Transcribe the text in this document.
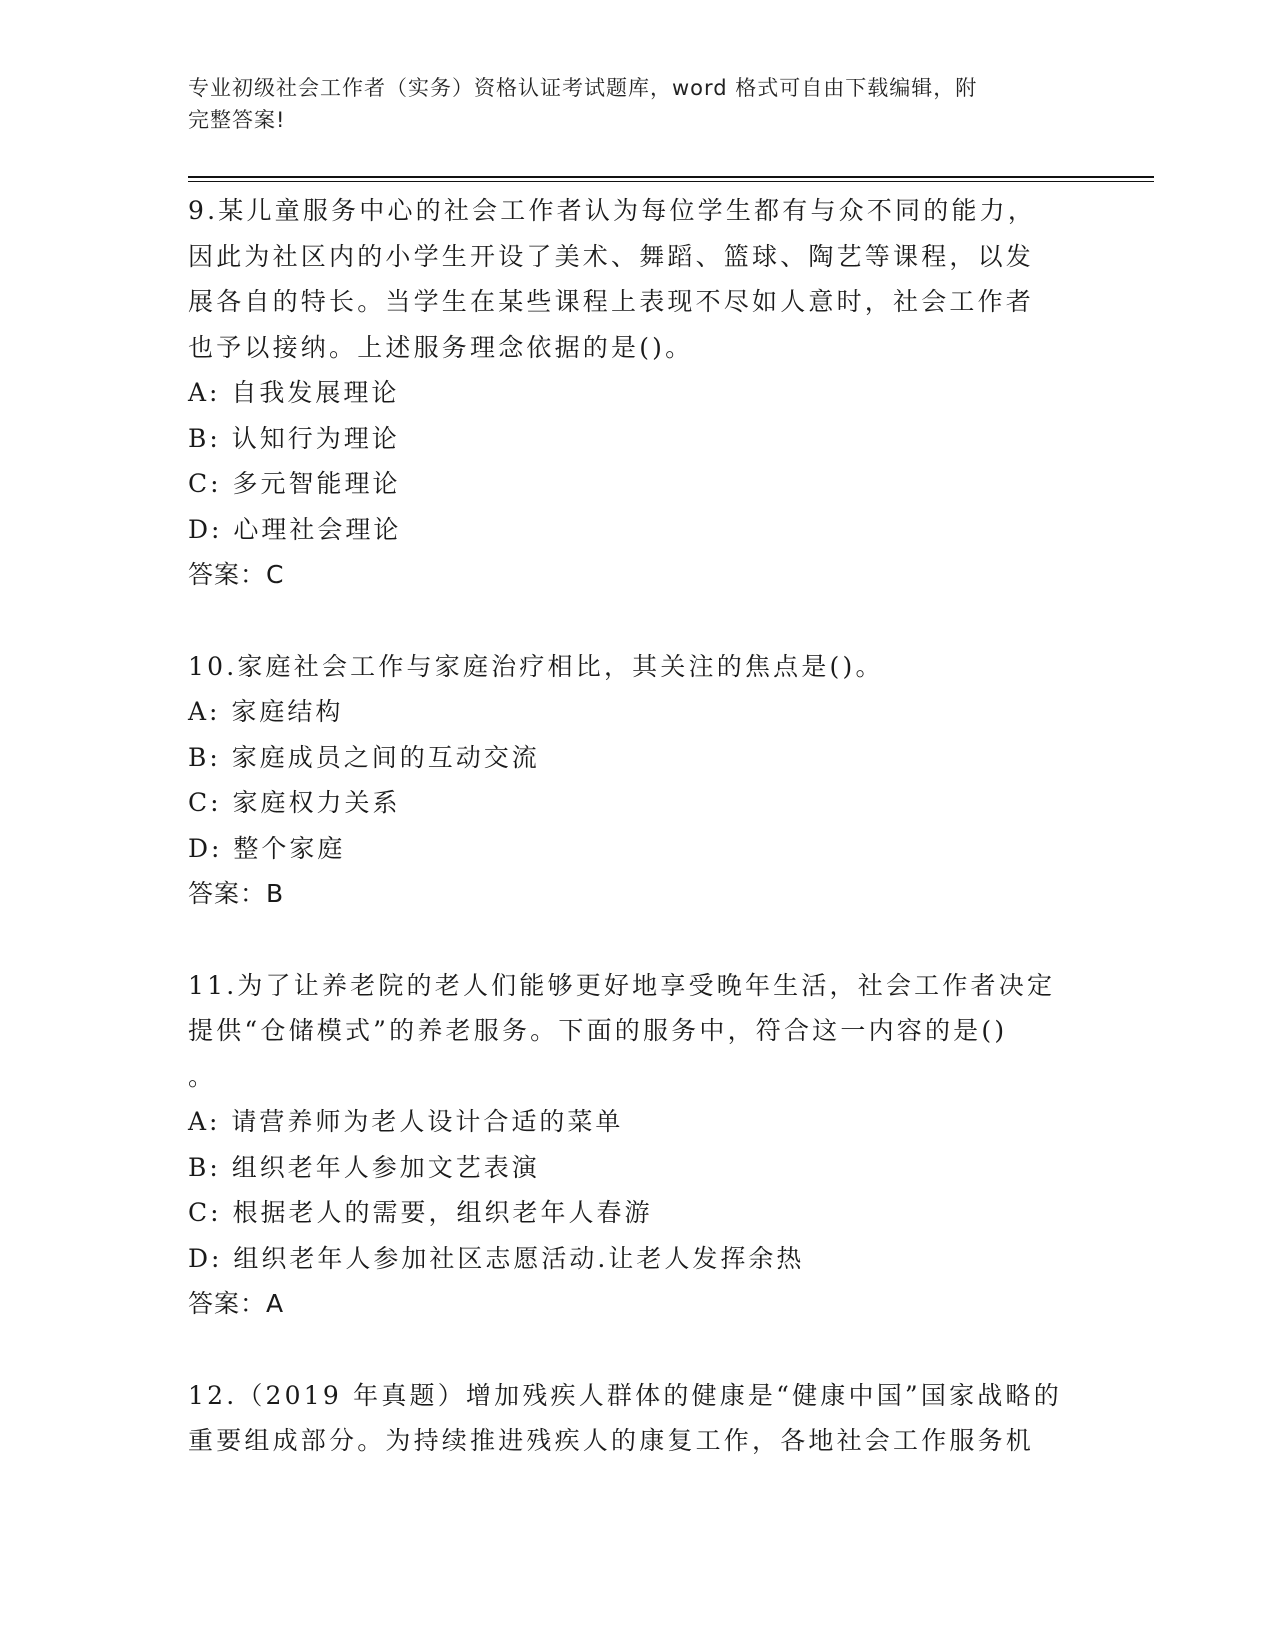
专业初级社会工作者（实务）资格认证考试题库，word 格式可自由下载编辑，附
完整答案!
9.某儿童服务中心的社会工作者认为每位学生都有与众不同的能力，
因此为社区内的小学生开设了美术、舞蹈、篮球、陶艺等课程，以发
展各自的特长。当学生在某些课程上表现不尽如人意时，社会工作者
也予以接纳。上述服务理念依据的是()。
A: 自我发展理论
B: 认知行为理论
C: 多元智能理论
D: 心理社会理论
答案：C
10.家庭社会工作与家庭治疗相比，其关注的焦点是()。
A: 家庭结构
B: 家庭成员之间的互动交流
C: 家庭权力关系
D: 整个家庭
答案：B
11.为了让养老院的老人们能够更好地享受晚年生活，社会工作者决定
提供“仓储模式”的养老服务。下面的服务中，符合这一内容的是()
。
A: 请营养师为老人设计合适的菜单
B: 组织老年人参加文艺表演
C: 根据老人的需要，组织老年人春游
D: 组织老年人参加社区志愿活动.让老人发挥余热
答案：A
12.（2019 年真题）增加残疾人群体的健康是“健康中国”国家战略的
重要组成部分。为持续推进残疾人的康复工作，各地社会工作服务机
